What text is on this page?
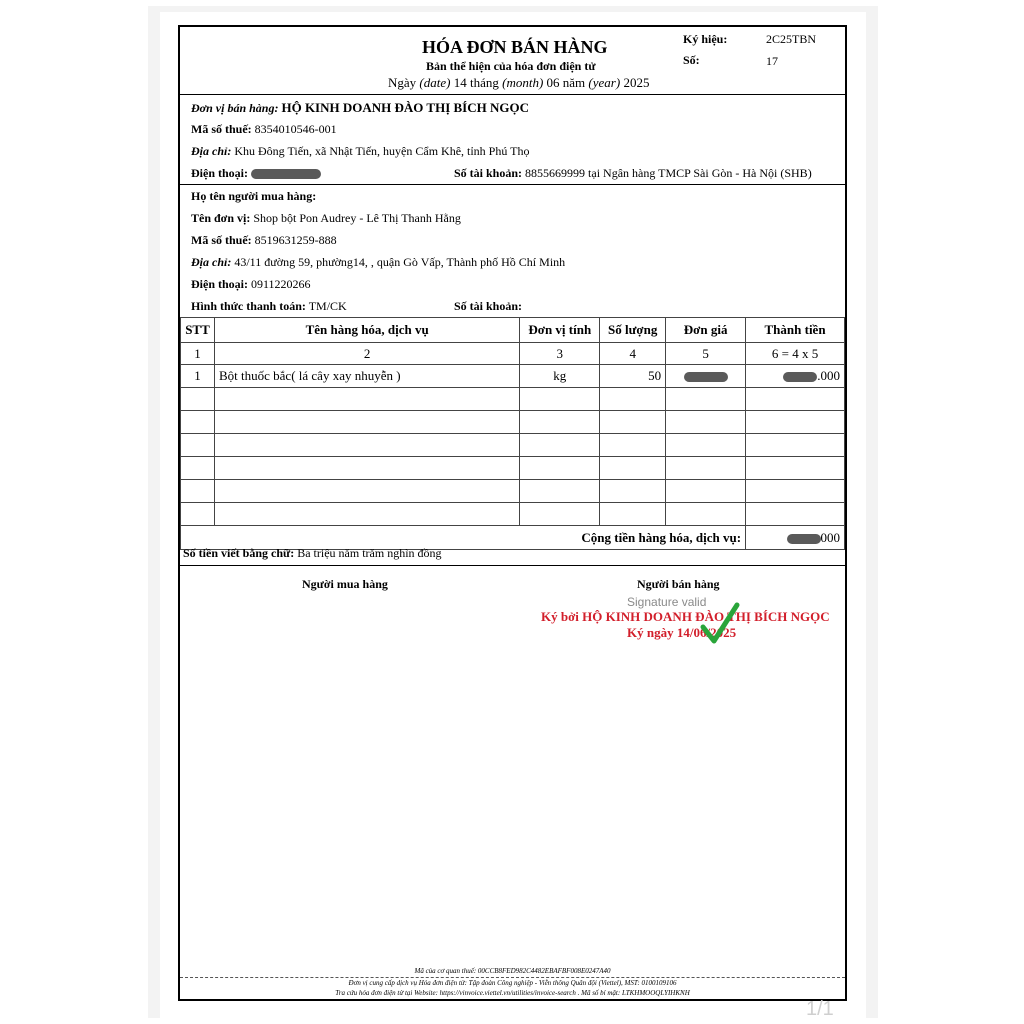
HÓA ĐƠN BÁN HÀNG
Bản thể hiện của hóa đơn điện tử
Ngày (date) 14 tháng (month) 06 năm (year) 2025
Ký hiệu:	2C25TBN
Số:	17
Đơn vị bán hàng: HỘ KINH DOANH ĐÀO THỊ BÍCH NGỌC
Mã số thuế: 8354010546-001
Địa chỉ: Khu Đông Tiến, xã Nhật Tiến, huyện Cẩm Khê, tỉnh Phú Thọ
Điện thoại:	Số tài khoản: 8855669999 tại Ngân hàng TMCP Sài Gòn - Hà Nội (SHB)
Họ tên người mua hàng:
Tên đơn vị: Shop bột Pon Audrey - Lê Thị Thanh Hằng
Mã số thuế: 8519631259-888
Địa chỉ: 43/11 đường 59, phường14, , quận Gò Vấp, Thành phố Hồ Chí Minh
Điện thoại: 0911220266
Hình thức thanh toán: TM/CK	Số tài khoản:
STT	Tên hàng hóa, dịch vụ	Đơn vị tính	Số lượng	Đơn giá	Thành tiền
1	2	3	4	5	6 = 4 x 5
1	Bột thuốc bắc( lá cây xay nhuyễn )	kg	50		.000

Cộng tiền hàng hóa, dịch vụ:					000
Số tiền viết bằng chữ: Ba triệu năm trăm nghìn đồng
Người mua hàng	Người bán hàng
Signature valid
Ký bởi HỘ KINH DOANH ĐÀO THỊ BÍCH NGỌC
Ký ngày 14/06/2025
Mã của cơ quan thuế: 00CCB8FED982C4482EBAFBF008E0247A40
Đơn vị cung cấp dịch vụ Hóa đơn điện tử: Tập đoàn Công nghiệp - Viễn thông Quân đội (Viettel), MST: 0100109106
Tra cứu hóa đơn điện tử tại Website: https://vinvoice.viettel.vn/utilities/invoice-search . Mã số bí mật: LTKHMOOQLYIHKNH
1/1
